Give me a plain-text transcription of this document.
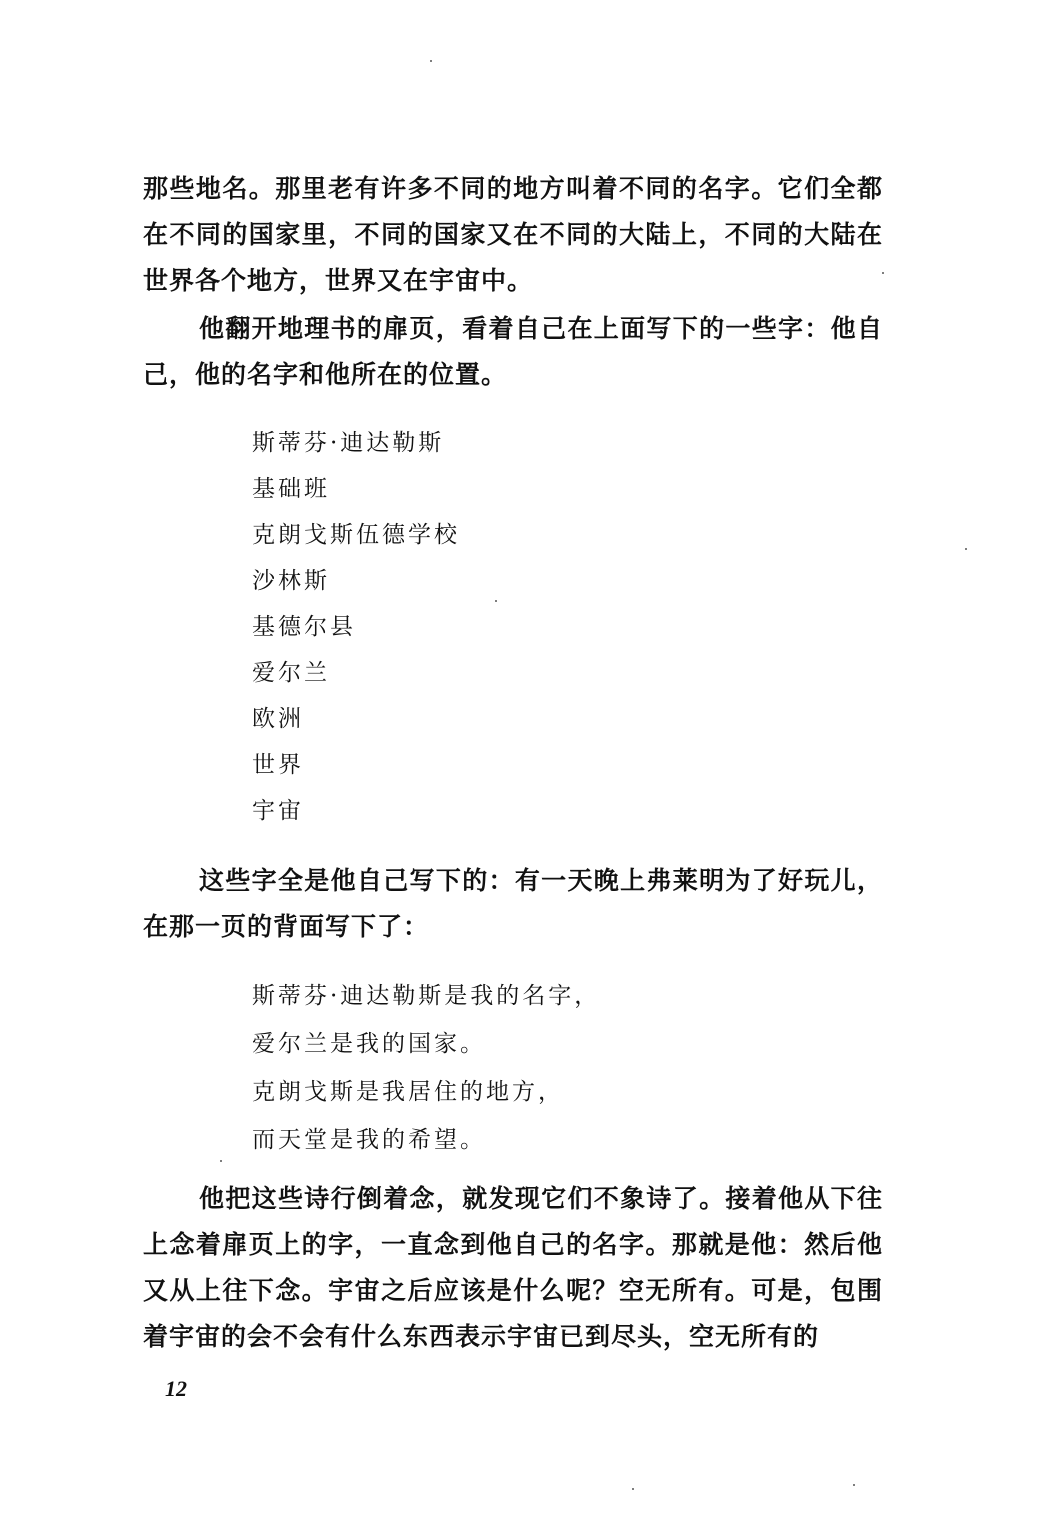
那些地名。那里老有许多不同的地方叫着不同的名字。它们全都在不同的国家里，不同的国家又在不同的大陆上，不同的大陆在世界各个地方，世界又在宇宙中。

他翻开地理书的扉页，看着自己在上面写下的一些字：他自己，他的名字和他所在的位置。

斯蒂芬·迪达勒斯
基础班
克朗戈斯伍德学校
沙林斯
基德尔县
爱尔兰
欧洲
世界
宇宙

这些字全是他自己写下的：有一天晚上弗莱明为了好玩儿，在那一页的背面写下了：

斯蒂芬·迪达勒斯是我的名字，
爱尔兰是我的国家。
克朗戈斯是我居住的地方，
而天堂是我的希望。

他把这些诗行倒着念，就发现它们不象诗了。接着他从下往上念着扉页上的字，一直念到他自己的名字。那就是他：然后他又从上往下念。宇宙之后应该是什么呢？空无所有。可是，包围着宇宙的会不会有什么东西表示宇宙已到尽头，空无所有的

12
